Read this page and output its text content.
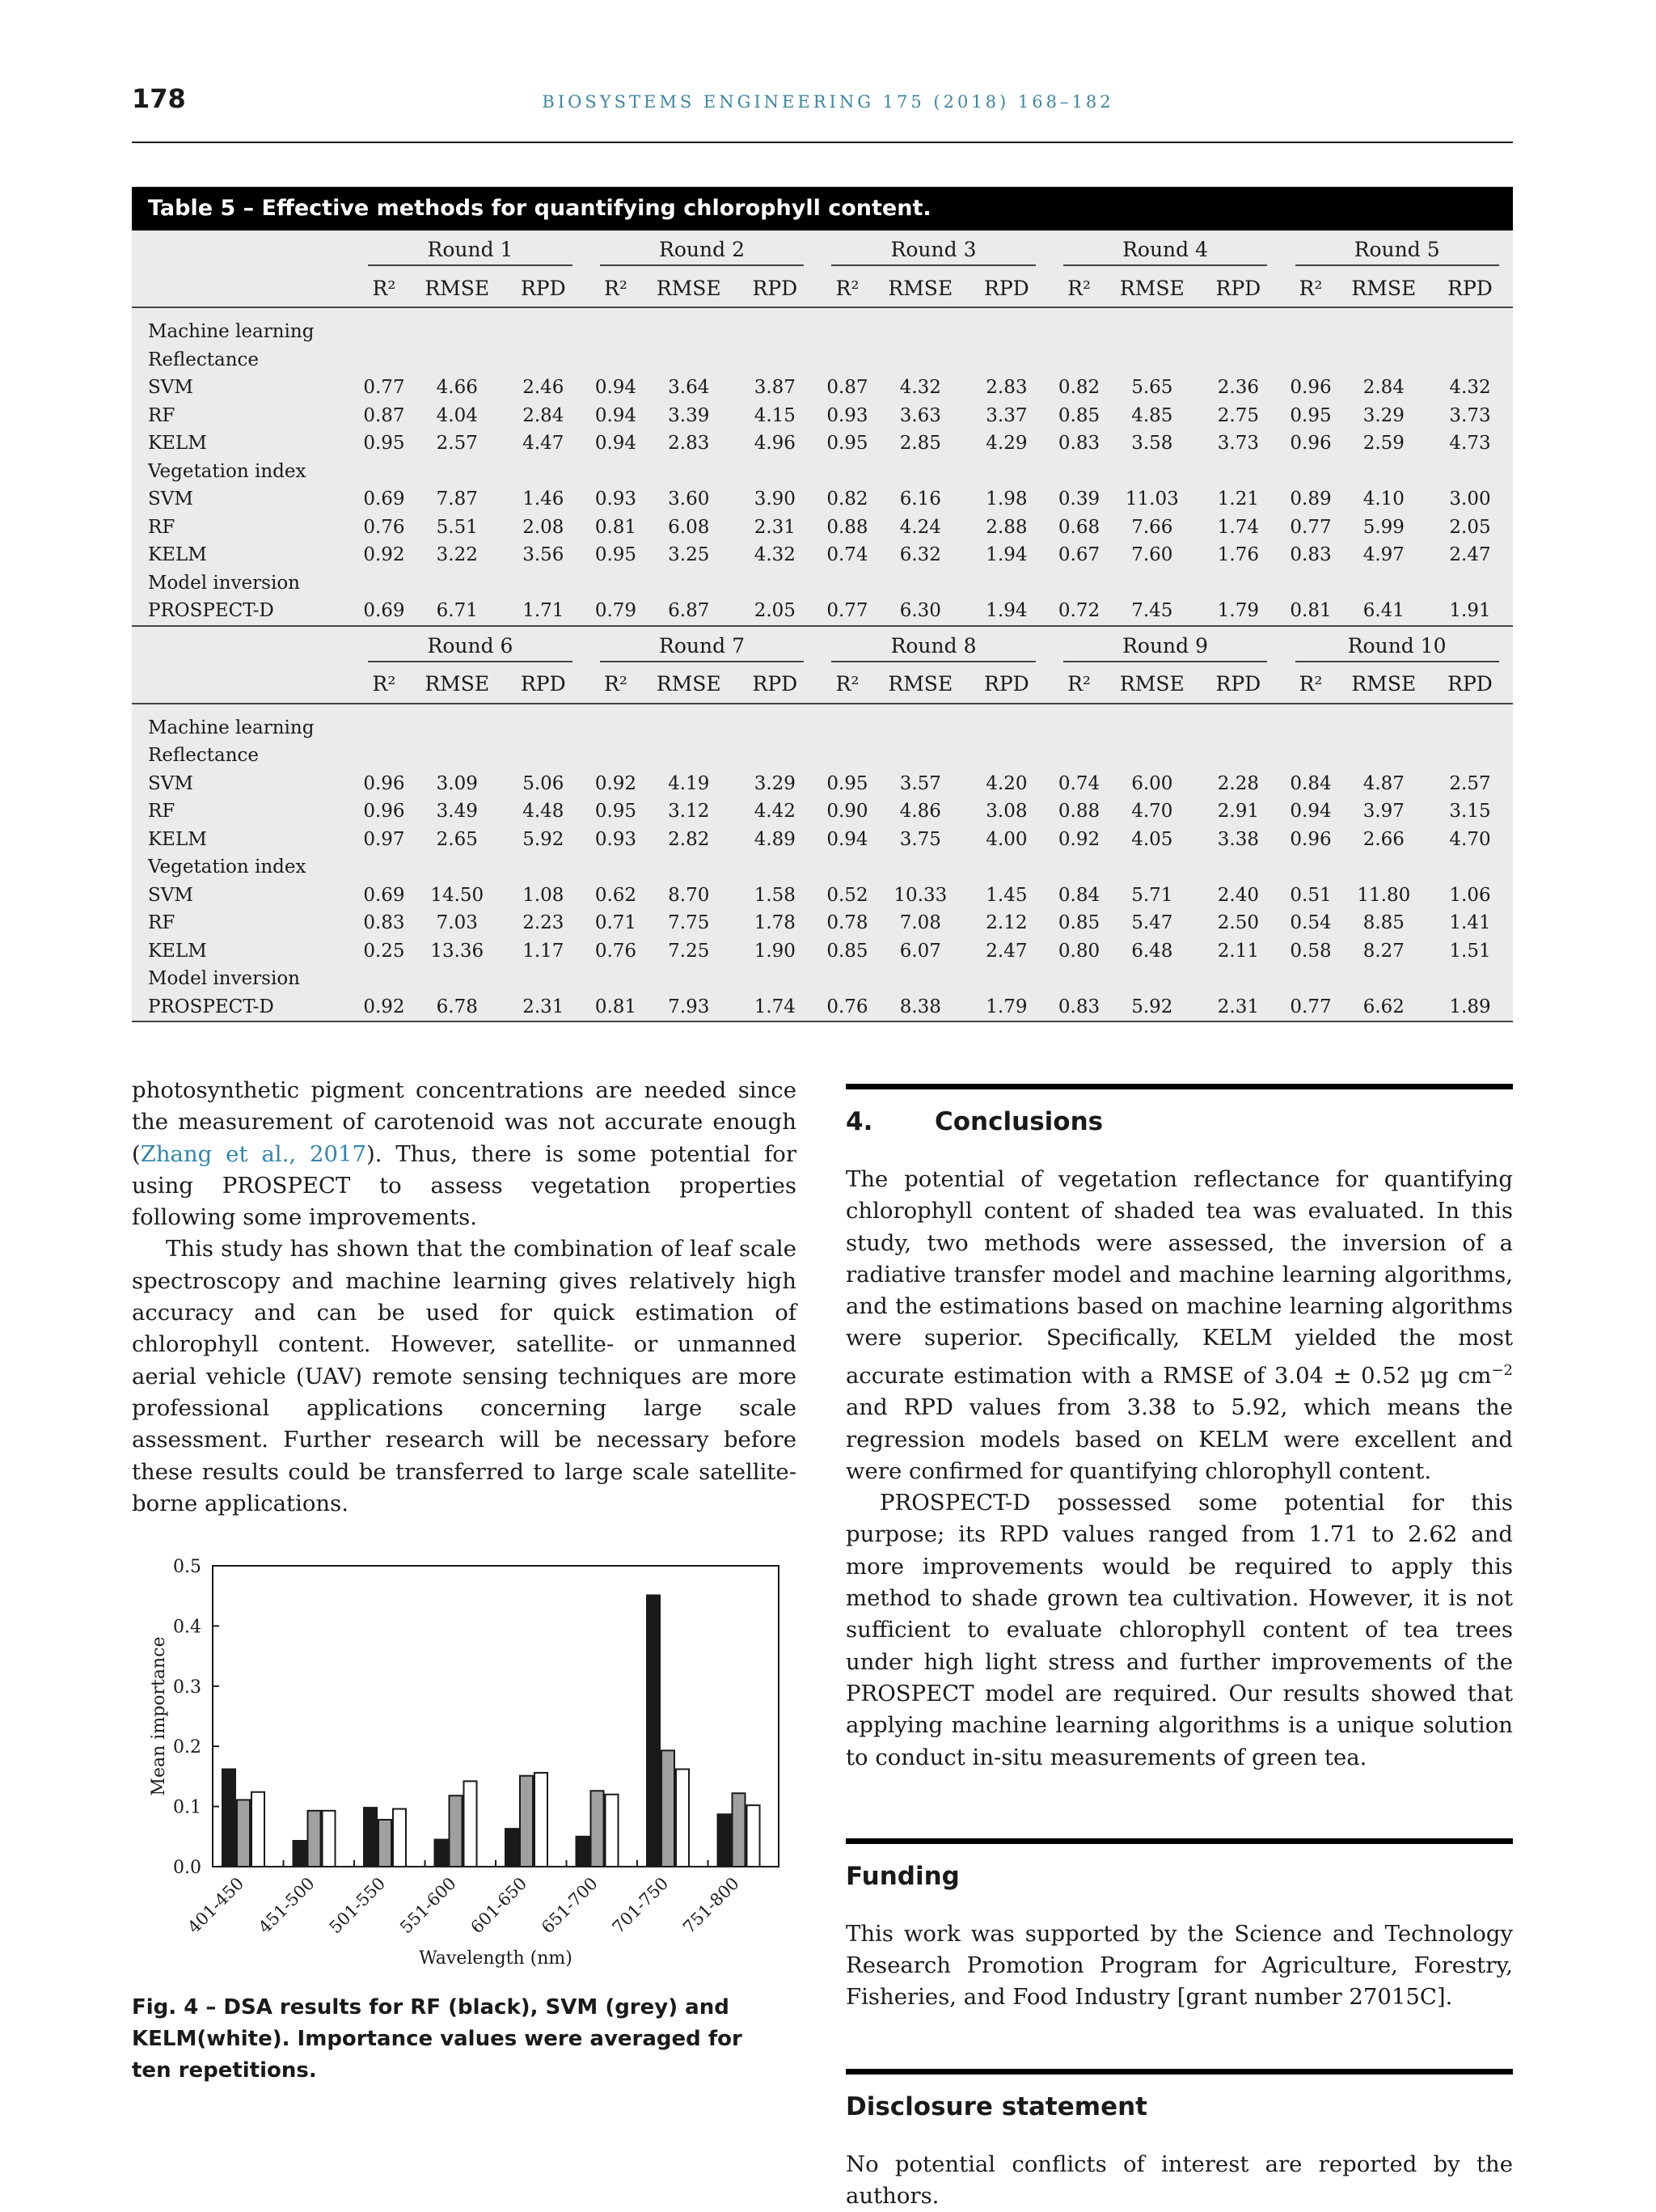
178	BIOSYSTEMS ENGINEERING 175 (2018) 168–182
Table 5 – Effective methods for quantifying chlorophyll content.
	Round 1			Round 2			Round 3			Round 4			Round 5		
	R²	RMSE	RPD	R²	RMSE	RPD	R²	RMSE	RPD	R²	RMSE	RPD	R²	RMSE	RPD

Machine learning															
Reflectance															
SVM	0.77	4.66	2.46	0.94	3.64	3.87	0.87	4.32	2.83	0.82	5.65	2.36	0.96	2.84	4.32
RF	0.87	4.04	2.84	0.94	3.39	4.15	0.93	3.63	3.37	0.85	4.85	2.75	0.95	3.29	3.73
KELM	0.95	2.57	4.47	0.94	2.83	4.96	0.95	2.85	4.29	0.83	3.58	3.73	0.96	2.59	4.73
Vegetation index															
SVM	0.69	7.87	1.46	0.93	3.60	3.90	0.82	6.16	1.98	0.39	11.03	1.21	0.89	4.10	3.00
RF	0.76	5.51	2.08	0.81	6.08	2.31	0.88	4.24	2.88	0.68	7.66	1.74	0.77	5.99	2.05
KELM	0.92	3.22	3.56	0.95	3.25	4.32	0.74	6.32	1.94	0.67	7.60	1.76	0.83	4.97	2.47
Model inversion															
PROSPECT-D	0.69	6.71	1.71	0.79	6.87	2.05	0.77	6.30	1.94	0.72	7.45	1.79	0.81	6.41	1.91
	Round 6			Round 7			Round 8			Round 9			Round 10		
	R²	RMSE	RPD	R²	RMSE	RPD	R²	RMSE	RPD	R²	RMSE	RPD	R²	RMSE	RPD

Machine learning															
Reflectance															
SVM	0.96	3.09	5.06	0.92	4.19	3.29	0.95	3.57	4.20	0.74	6.00	2.28	0.84	4.87	2.57
RF	0.96	3.49	4.48	0.95	3.12	4.42	0.90	4.86	3.08	0.88	4.70	2.91	0.94	3.97	3.15
KELM	0.97	2.65	5.92	0.93	2.82	4.89	0.94	3.75	4.00	0.92	4.05	3.38	0.96	2.66	4.70
Vegetation index															
SVM	0.69	14.50	1.08	0.62	8.70	1.58	0.52	10.33	1.45	0.84	5.71	2.40	0.51	11.80	1.06
RF	0.83	7.03	2.23	0.71	7.75	1.78	0.78	7.08	2.12	0.85	5.47	2.50	0.54	8.85	1.41
KELM	0.25	13.36	1.17	0.76	7.25	1.90	0.85	6.07	2.47	0.80	6.48	2.11	0.58	8.27	1.51
Model inversion															
PROSPECT-D	0.92	6.78	2.31	0.81	7.93	1.74	0.76	8.38	1.79	0.83	5.92	2.31	0.77	6.62	1.89

photosynthetic pigment concentrations are needed since the measurement of carotenoid was not accurate enough (Zhang et al., 2017). Thus, there is some potential for using PROSPECT to assess vegetation properties following some improvements.

This study has shown that the combination of leaf scale spectroscopy and machine learning gives relatively high accuracy and can be used for quick estimation of chlorophyll content. However, satellite- or unmanned aerial vehicle (UAV) remote sensing techniques are more professional applications concerning large scale assessment. Further research will be necessary before these results could be transferred to large scale satellite-borne applications.

0.0
0.1
0.2
0.3
0.4
0.5
Mean importance
401-450 451-500 501-550 551-600 601-650 651-700 701-750 751-800
Wavelength (nm)

Fig. 4 – DSA results for RF (black), SVM (grey) and KELM(white). Importance values were averaged for ten repetitions.

4. Conclusions

The potential of vegetation reflectance for quantifying chlorophyll content of shaded tea was evaluated. In this study, two methods were assessed, the inversion of a radiative transfer model and machine learning algorithms, and the estimations based on machine learning algorithms were superior. Specifically, KELM yielded the most accurate estimation with a RMSE of 3.04 ± 0.52 μg $cm^{-2}$ and RPD values from 3.38 to 5.92, which means the regression models based on KELM were excellent and were confirmed for quantifying chlorophyll content.

PROSPECT-D possessed some potential for this purpose; its RPD values ranged from 1.71 to 2.62 and more improvements would be required to apply this method to shade grown tea cultivation. However, it is not sufficient to evaluate chlorophyll content of tea trees under high light stress and further improvements of the PROSPECT model are required. Our results showed that applying machine learning algorithms is a unique solution to conduct in-situ measurements of green tea.

Funding

This work was supported by the Science and Technology Research Promotion Program for Agriculture, Forestry, Fisheries, and Food Industry [grant number 27015C].

Disclosure statement

No potential conflicts of interest are reported by the authors.
